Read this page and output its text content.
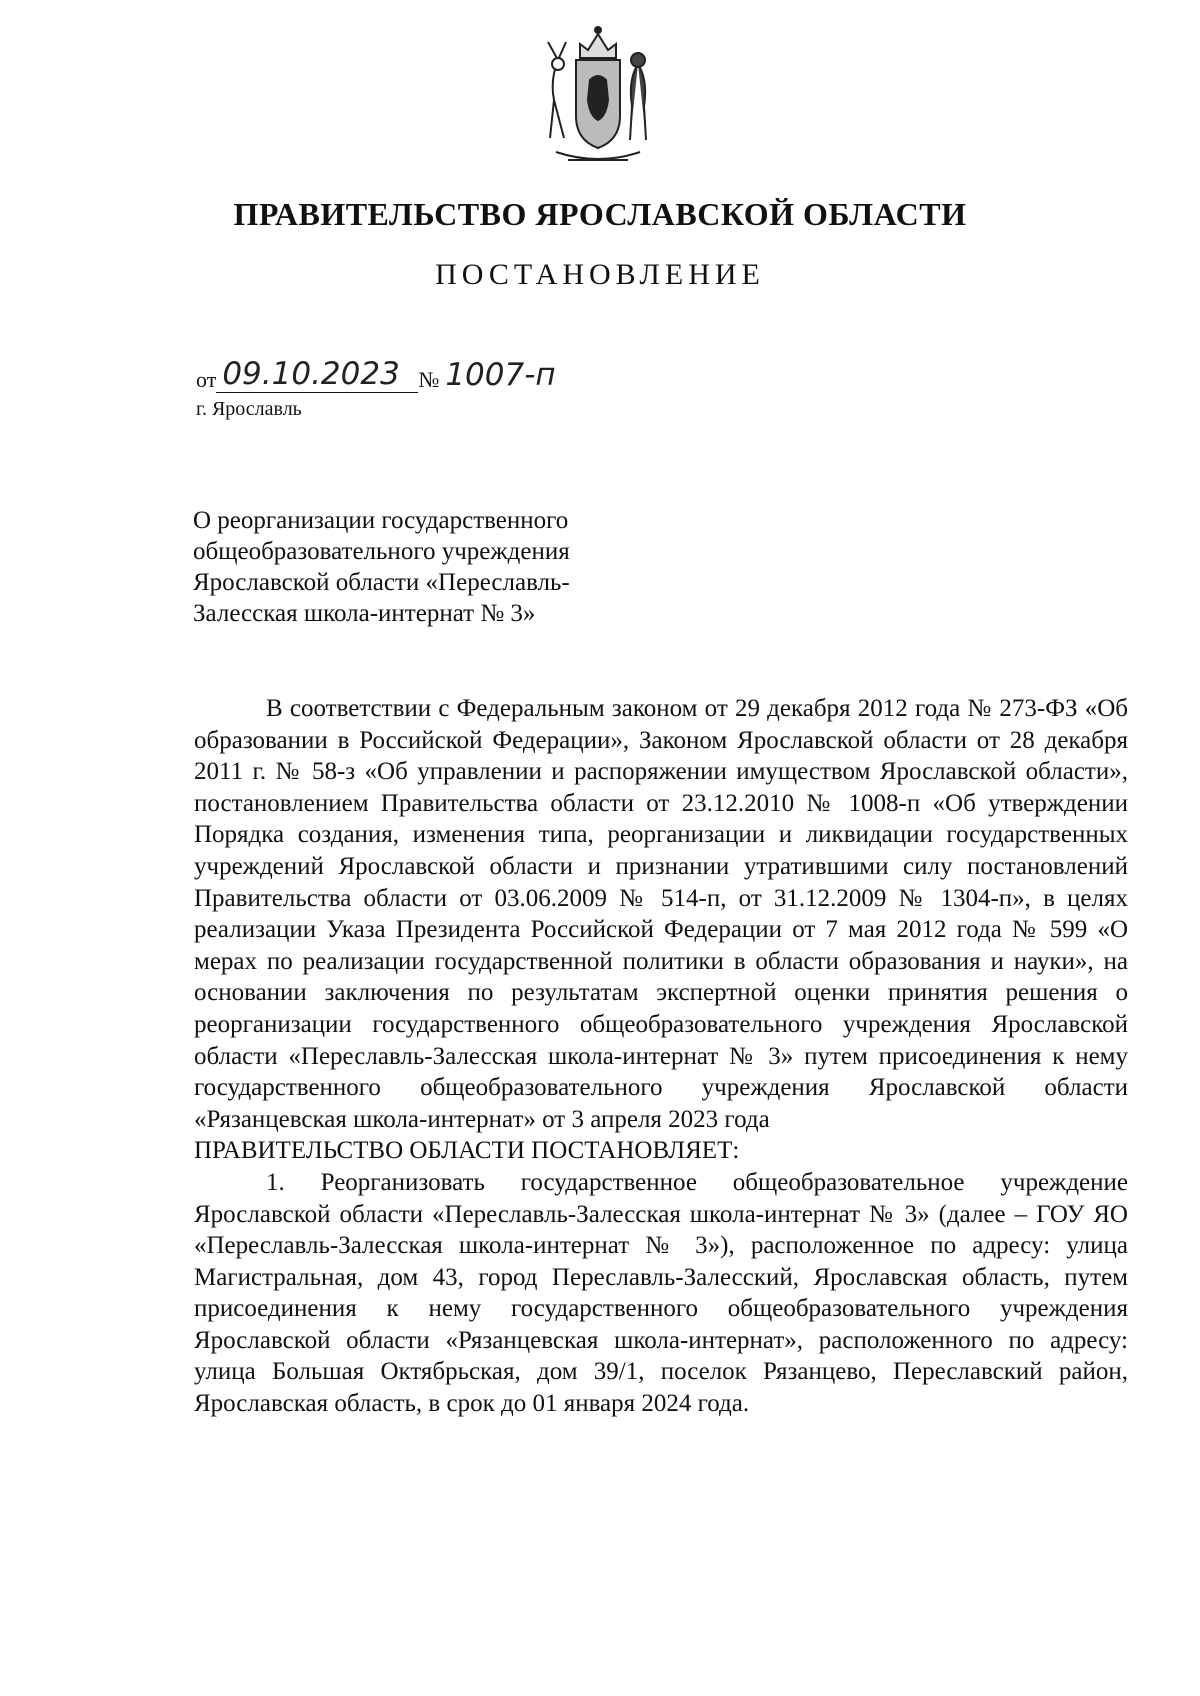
ПРАВИТЕЛЬСТВО ЯРОСЛАВСКОЙ ОБЛАСТИ
ПОСТАНОВЛЕНИЕ
от 09.10.2023 № 1007-п
г. Ярославль
О реорганизации государственного
общеобразовательного учреждения
Ярославской области «Переславль-
Залесская школа-интернат № 3»

В соответствии с Федеральным законом от 29 декабря 2012 года № 273-ФЗ «Об образовании в Российской Федерации», Законом Ярославской области от 28 декабря 2011 г. № 58-з «Об управлении и распоряжении имуществом Ярославской области», постановлением Правительства области от 23.12.2010 № 1008-п «Об утверждении Порядка создания, изменения типа, реорганизации и ликвидации государственных учреждений Ярославской области и признании утратившими силу постановлений Правительства области от 03.06.2009 № 514-п, от 31.12.2009 № 1304-п», в целях реализации Указа Президента Российской Федерации от 7 мая 2012 года № 599 «О мерах по реализации государственной политики в области образования и науки», на основании заключения по результатам экспертной оценки принятия решения о реорганизации государственного общеобразовательного учреждения Ярославской области «Переславль-Залесская школа-интернат № 3» путем присоединения к нему государственного общеобразовательного учреждения Ярославской области «Рязанцевская школа-интернат» от 3 апреля 2023 года

ПРАВИТЕЛЬСТВО ОБЛАСТИ ПОСТАНОВЛЯЕТ:

1. Реорганизовать государственное общеобразовательное учреждение Ярославской области «Переславль-Залесская школа-интернат № 3» (далее – ГОУ ЯО «Переславль-Залесская школа-интернат № 3»), расположенное по адресу: улица Магистральная, дом 43, город Переславль-Залесский, Ярославская область, путем присоединения к нему государственного общеобразовательного учреждения Ярославской области «Рязанцевская школа-интернат», расположенного по адресу: улица Большая Октябрьская, дом 39/1, поселок Рязанцево, Переславский район, Ярославская область, в срок до 01 января 2024 года.
